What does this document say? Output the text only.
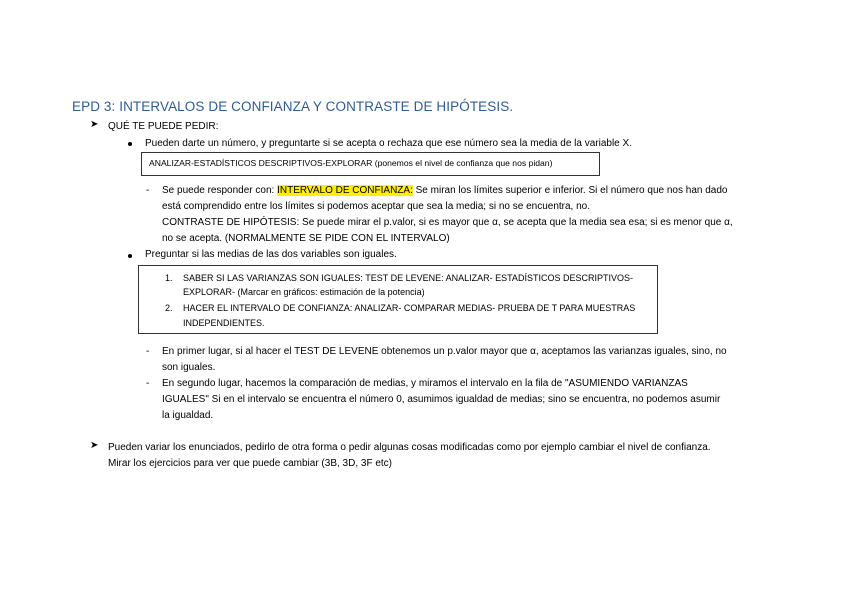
EPD 3: INTERVALOS DE CONFIANZA Y CONTRASTE DE HIPÓTESIS.
➤ QUÉ TE PUEDE PEDIR:
Pueden darte un número, y preguntarte si se acepta o rechaza que ese número sea la media de la variable X.
ANALIZAR-ESTADÍSTICOS DESCRIPTIVOS-EXPLORAR (ponemos el nivel de confianza que nos pidan)
- Se puede responder con: INTERVALO DE CONFIANZA: Se miran los límites superior e inferior. Si el número que nos han dado
está comprendido entre los límites si podemos aceptar que sea la media; si no se encuentra, no.
CONTRASTE DE HIPÓTESIS: Se puede mirar el p.valor, si es mayor que α, se acepta que la media sea esa; si es menor que α,
no se acepta. (NORMALMENTE SE PIDE CON EL INTERVALO)
Preguntar si las medias de las dos variables son iguales.
1. SABER SI LAS VARIANZAS SON IGUALES: TEST DE LEVENE: ANALIZAR- ESTADÍSTICOS DESCRIPTIVOS-
EXPLORAR- (Marcar en gráficos: estimación de la potencia)
2. HACER EL INTERVALO DE CONFIANZA: ANALIZAR- COMPARAR MEDIAS- PRUEBA DE T PARA MUESTRAS
INDEPENDIENTES.
- En primer lugar, si al hacer el TEST DE LEVENE obtenemos un p.valor mayor que α, aceptamos las varianzas iguales, sino, no
son iguales.
- En segundo lugar, hacemos la comparación de medias, y miramos el intervalo en la fila de "ASUMIENDO VARIANZAS
IGUALES" Si en el intervalo se encuentra el número 0, asumimos igualdad de medias; sino se encuentra, no podemos asumir
la igualdad.
➤ Pueden variar los enunciados, pedirlo de otra forma o pedir algunas cosas modificadas como por ejemplo cambiar el nivel de confianza.
Mirar los ejercicios para ver que puede cambiar (3B, 3D, 3F etc)
